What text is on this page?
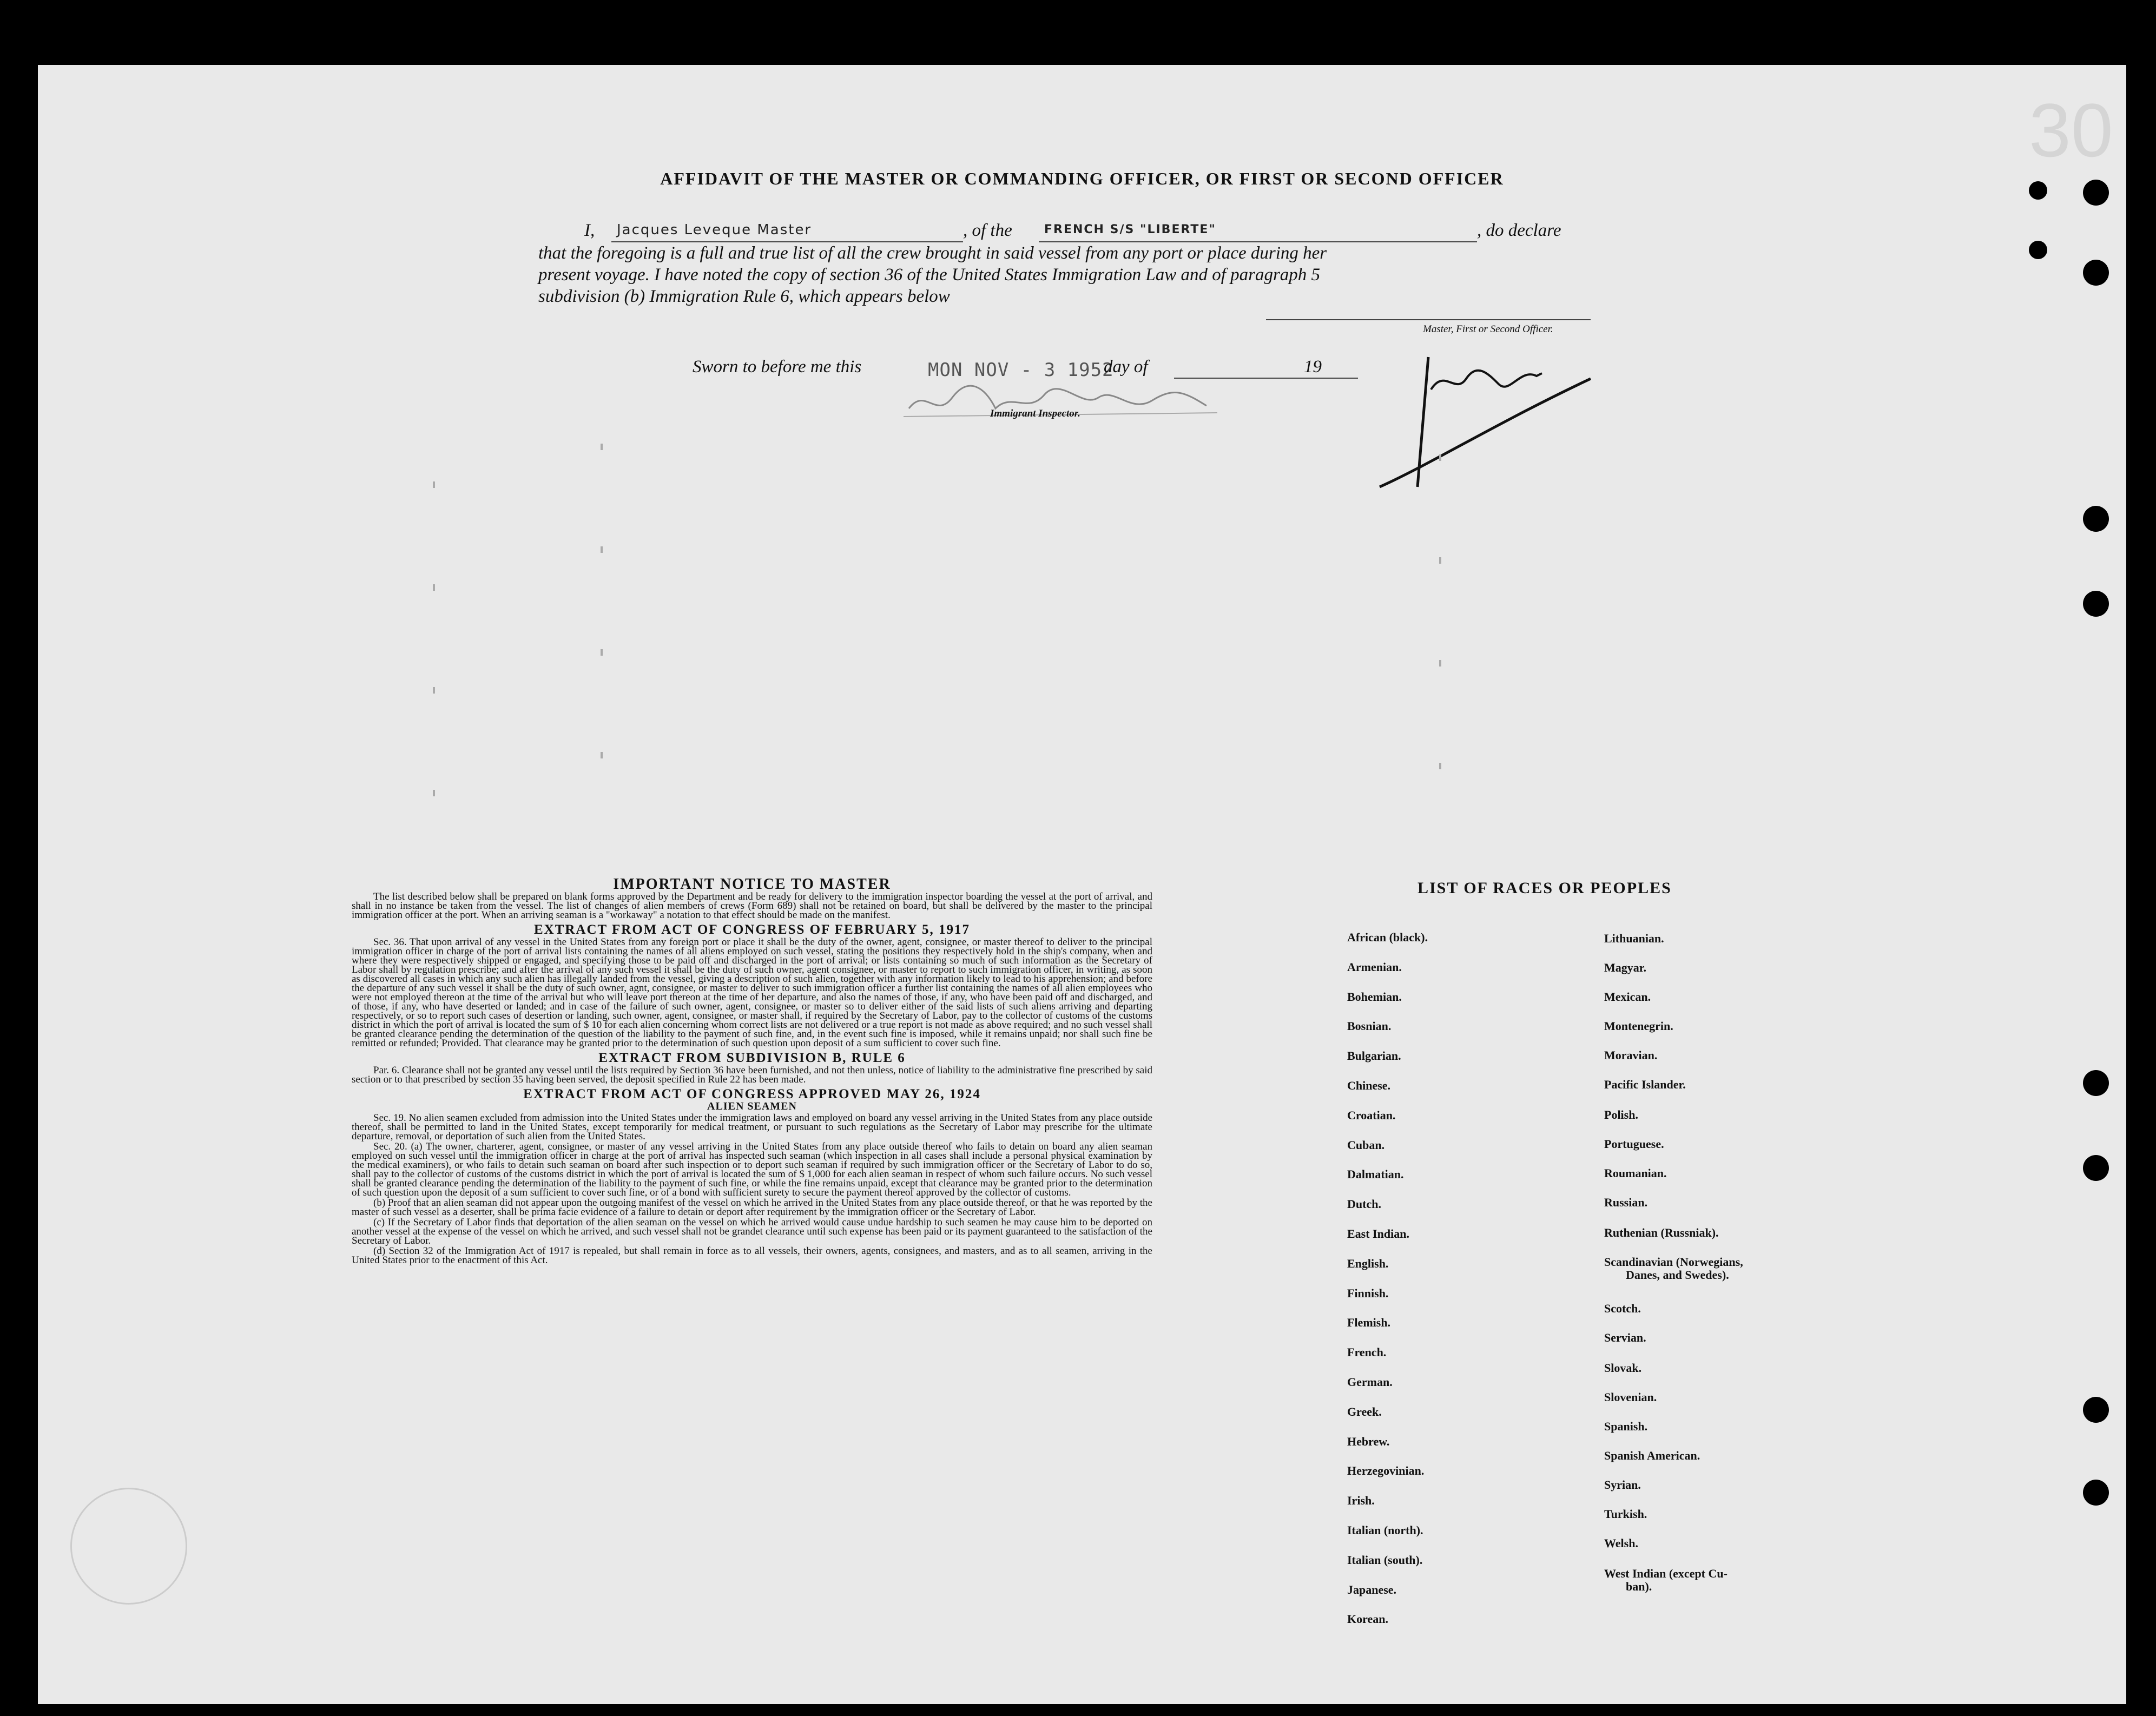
30
AFFIDAVIT OF THE MASTER OR COMMANDING OFFICER, OR FIRST OR SECOND OFFICER
I, Jacques Leveque Master	, of the	FRENCH S/S "LIBERTE"	, do declare
that the foregoing is a full and true list of all the crew brought in said vessel from any port or place during her
present voyage. I have noted the copy of section 36 of the United States Immigration Law and of paragraph 5
subdivision (b) Immigration Rule 6, which appears below
Master, First or Second Officer.
Sworn to before me this	MON NOV - 3 1952
day of	19
Immigrant Inspector.
IMPORTANT NOTICE TO MASTER

The list described below shall be prepared on blank forms approved by the Department and be ready for delivery to the immigration inspector boarding the vessel at the port of arrival, and shall in no instance be taken from the vessel. The list of changes of alien members of crews (Form 689) shall not be retained on board, but shall be delivered by the master to the principal immigration officer at the port. When an arriving seaman is a "workaway" a notation to that effect should be made on the manifest.

EXTRACT FROM ACT OF CONGRESS OF FEBRUARY 5, 1917

Sec. 36. That upon arrival of any vessel in the United States from any foreign port or place it shall be the duty of the owner, agent, consignee, or master thereof to deliver to the principal immigration officer in charge of the port of arrival lists containing the names of all aliens employed on such vessel, stating the positions they respectively hold in the ship's company, when and where they were respectively shipped or engaged, and specifying those to be paid off and discharged in the port of arrival; or lists containing so much of such information as the Secretary of Labor shall by regulation prescribe; and after the arrival of any such vessel it shall be the duty of such owner, agent consignee, or master to report to such immigration officer, in writing, as soon as discovered all cases in which any such alien has illegally landed from the vessel, giving a description of such alien, together with any information likely to lead to his apprehension; and before the departure of any such vessel it shall be the duty of such owner, agnt, consignee, or master to deliver to such immigration officer a further list containing the names of all alien employees who were not employed thereon at the time of the arrival but who will leave port thereon at the time of her departure, and also the names of those, if any, who have been paid off and discharged, and of those, if any, who have deserted or landed; and in case of the failure of such owner, agent, consignee, or master so to deliver either of the said lists of such aliens arriving and departing respectively, or so to report such cases of desertion or landing, such owner, agent, consignee, or master shall, if required by the Secretary of Labor, pay to the collector of customs of the customs district in which the port of arrival is located the sum of $ 10 for each alien concerning whom correct lists are not delivered or a true report is not made as above required; and no such vessel shall be granted clearance pending the determination of the question of the liability to the payment of such fine, and, in the event such fine is imposed, while it remains unpaid; nor shall such fine be remitted or refunded; Provided. That clearance may be granted prior to the determination of such question upon deposit of a sum sufficient to cover such fine.

EXTRACT FROM SUBDIVISION B, RULE 6

Par. 6. Clearance shall not be granted any vessel until the lists required by Section 36 have been furnished, and not then unless, notice of liability to the administrative fine prescribed by said section or to that prescribed by section 35 having been served, the deposit specified in Rule 22 has been made.

EXTRACT FROM ACT OF CONGRESS APPROVED MAY 26, 1924
ALIEN SEAMEN

Sec. 19. No alien seamen excluded from admission into the United States under the immigration laws and employed on board any vessel arriving in the United States from any place outside thereof, shall be permitted to land in the United States, except temporarily for medical treatment, or pursuant to such regulations as the Secretary of Labor may prescribe for the ultimate departure, removal, or deportation of such alien from the United States.

Sec. 20. (a) The owner, charterer, agent, consignee, or master of any vessel arriving in the United States from any place outside thereof who fails to detain on board any alien seaman employed on such vessel until the immigration officer in charge at the port of arrival has inspected such seaman (which inspection in all cases shall include a personal physical examination by the medical examiners), or who fails to detain such seaman on board after such inspection or to deport such seaman if required by such immigration officer or the Secretary of Labor to do so, shall pay to the collector of customs of the customs district in which the port of arrival is located the sum of $ 1,000 for each alien seaman in respect of whom such failure occurs. No such vessel shall be granted clearance pending the determination of the liability to the payment of such fine, or while the fine remains unpaid, except that clearance may be granted prior to the determination of such question upon the deposit of a sum sufficient to cover such fine, or of a bond with sufficient surety to secure the payment thereof approved by the collector of customs.

(b) Proof that an alien seaman did not appear upon the outgoing manifest of the vessel on which he arrived in the United States from any place outside thereof, or that he was reported by the master of such vessel as a deserter, shall be prima facie evidence of a failure to detain or deport after requirement by the immigration officer or the Secretary of Labor.

(c) If the Secretary of Labor finds that deportation of the alien seaman on the vessel on which he arrived would cause undue hardship to such seamen he may cause him to be deported on another vessel at the expense of the vessel on which he arrived, and such vessel shall not be grandet clearance until such expense has been paid or its payment guaranteed to the satisfaction of the Secretary of Labor.

(d) Section 32 of the Immigration Act of 1917 is repealed, but shall remain in force as to all vessels, their owners, agents, consignees, and masters, and as to all seamen, arriving in the United States prior to the enactment of this Act.

LIST OF RACES OR PEOPLES
African (black).
Armenian.
Bohemian.
Bosnian.
Bulgarian.
Chinese.
Croatian.
Cuban.
Dalmatian.
Dutch.
East Indian.
English.
Finnish.
Flemish.
French.
German.
Greek.
Hebrew.
Herzegovinian.
Irish.
Italian (north).
Italian (south).
Japanese.
Korean.
Lithuanian.
Magyar.
Mexican.
Montenegrin.
Moravian.
Pacific Islander.
Polish.
Portuguese.
Roumanian.
Russian.
Ruthenian (Russniak).
Scandinavian (Norwegians,
Danes, and Swedes).
Scotch.
Servian.
Slovak.
Slovenian.
Spanish.
Spanish American.
Syrian.
Turkish.
Welsh.
West Indian (except Cu-
ban).
